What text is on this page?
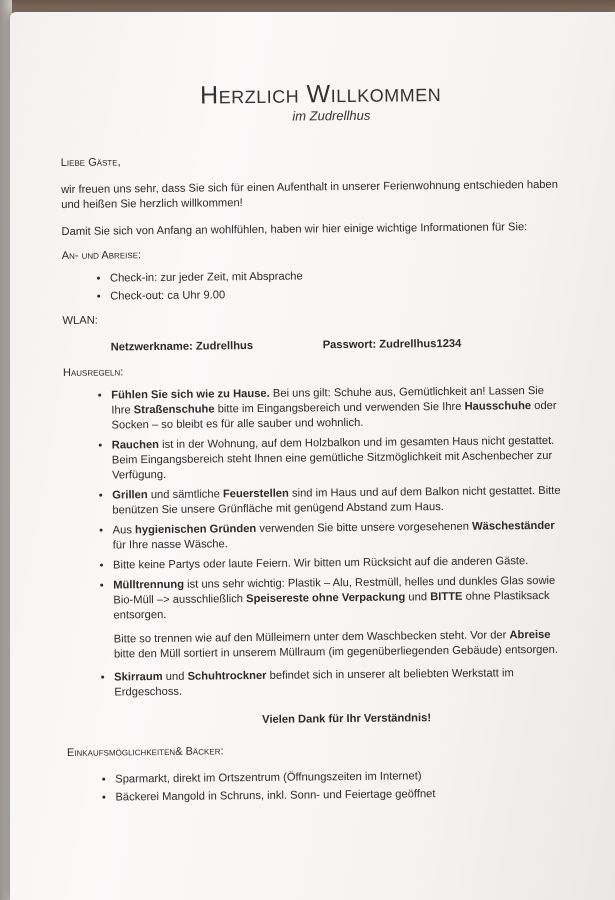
Herzlich Willkommen
im Zudrellhus

Liebe Gäste,

wir freuen uns sehr, dass Sie sich für einen Aufenthalt in unserer Ferienwohnung entschieden haben und heißen Sie herzlich willkommen!

Damit Sie sich von Anfang an wohlfühlen, haben wir hier einige wichtige Informationen für Sie:

An- und Abreise:

• Check-in: zur jeder Zeit, mit Absprache
• Check-out: ca Uhr 9.00

WLAN:

Netzwerkname: Zudrellhus	Passwort: Zudrellhus1234

Hausregeln:

• Fühlen Sie sich wie zu Hause. Bei uns gilt: Schuhe aus, Gemütlichkeit an! Lassen Sie Ihre Straßenschuhe bitte im Eingangsbereich und verwenden Sie Ihre Hausschuhe oder Socken – so bleibt es für alle sauber und wohnlich.
• Rauchen ist in der Wohnung, auf dem Holzbalkon und im gesamten Haus nicht gestattet. Beim Eingangsbereich steht Ihnen eine gemütliche Sitzmöglichkeit mit Aschenbecher zur Verfügung.
• Grillen und sämtliche Feuerstellen sind im Haus und auf dem Balkon nicht gestattet. Bitte benützen Sie unsere Grünfläche mit genügend Abstand zum Haus.
• Aus hygienischen Gründen verwenden Sie bitte unsere vorgesehenen Wäscheständer für Ihre nasse Wäsche.
• Bitte keine Partys oder laute Feiern. Wir bitten um Rücksicht auf die anderen Gäste.
• Mülltrennung ist uns sehr wichtig: Plastik – Alu, Restmüll, helles und dunkles Glas sowie Bio-Müll –> ausschließlich Speisereste ohne Verpackung und BITTE ohne Plastiksack entsorgen.

Bitte so trennen wie auf den Mülleimern unter dem Waschbecken steht. Vor der Abreise bitte den Müll sortiert in unserem Müllraum (im gegenüberliegenden Gebäude) entsorgen.

• Skirraum und Schuhtrockner befindet sich in unserer alt beliebten Werkstatt im Erdgeschoss.

Vielen Dank für Ihr Verständnis!

Einkaufsmöglichkeiten& Bäcker:

• Sparmarkt, direkt im Ortszentrum (Öffnungszeiten im Internet)
• Bäckerei Mangold in Schruns, inkl. Sonn- und Feiertage geöffnet
